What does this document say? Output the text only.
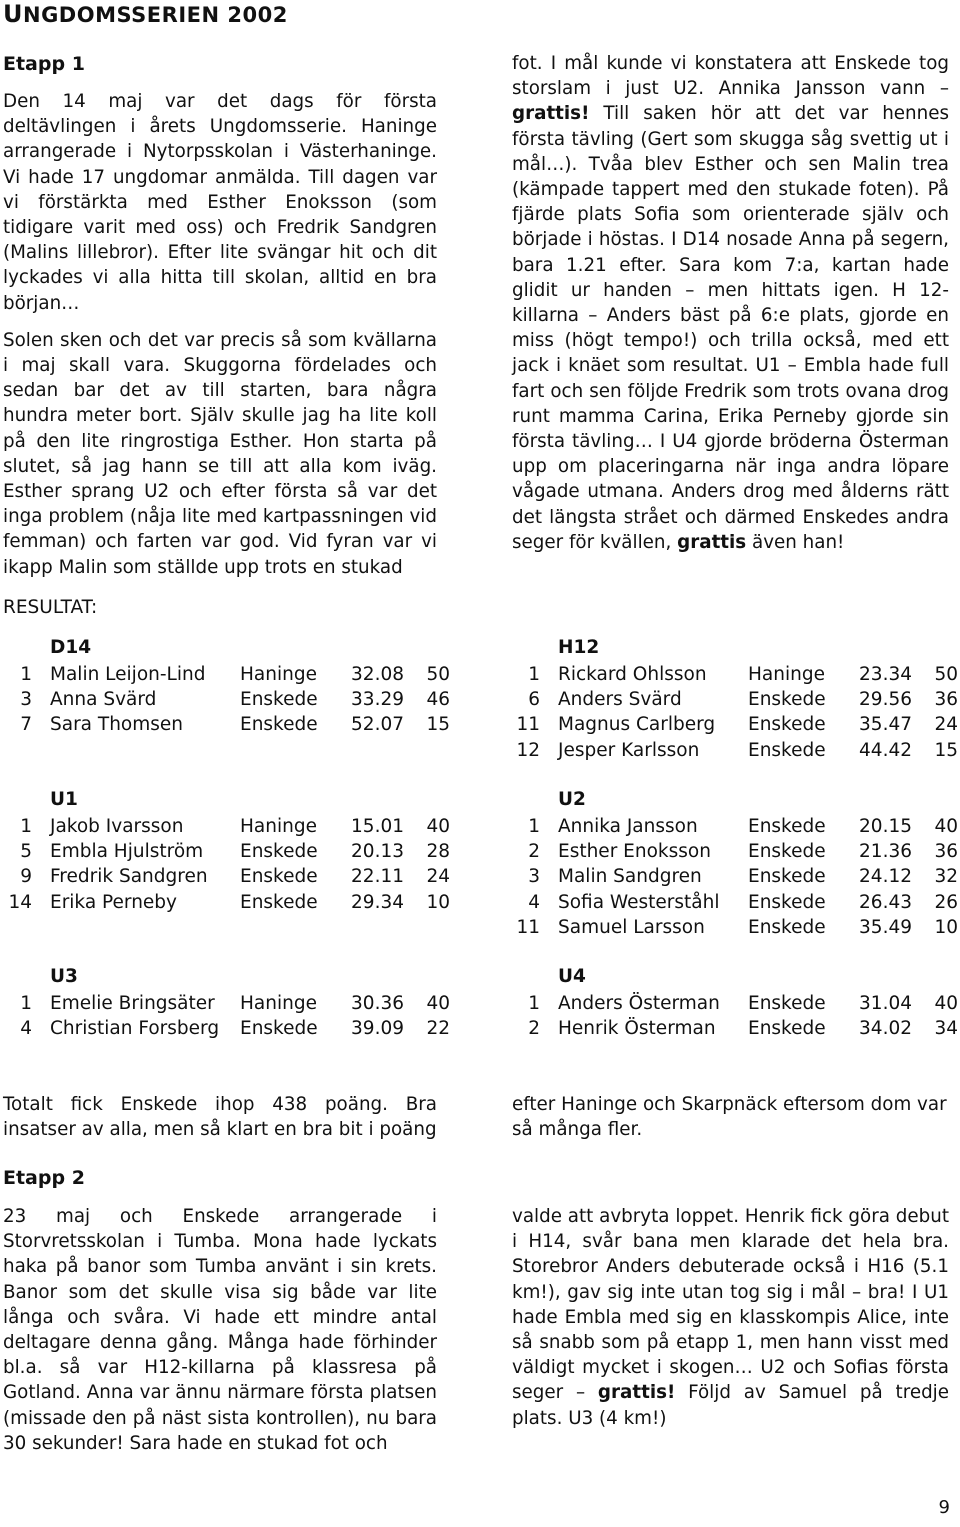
UNGDOMSSERIEN 2002
Etapp 1

Den 14 maj var det dags för första deltävlingen i årets Ungdomsserie. Haninge arrangerade i Nytorpsskolan i Västerhaninge. Vi hade 17 ungdomar anmälda. Till dagen var vi förstärkta med Esther Enoksson (som tidigare varit med oss) och Fredrik Sandgren (Malins lillebror). Efter lite svängar hit och dit lyckades vi alla hitta till skolan, alltid en bra början…

Solen sken och det var precis så som kvällarna i maj skall vara. Skuggorna fördelades och sedan bar det av till starten, bara några hundra meter bort. Själv skulle jag ha lite koll på den lite ringrostiga Esther. Hon starta på slutet, så jag hann se till att alla kom iväg. Esther sprang U2 och efter första så var det inga problem (nåja lite med kartpassningen vid femman) och farten var god. Vid fyran var vi ikapp Malin som ställde upp trots en stukad

fot. I mål kunde vi konstatera att Enskede tog storslam i just U2. Annika Jansson vann – grattis! Till saken hör att det var hennes första tävling (Gert som skugga såg svettig ut i mål…). Tvåa blev Esther och sen Malin trea (kämpade tappert med den stukade foten). På fjärde plats Sofia som orienterade själv och började i höstas. I D14 nosade Anna på segern, bara 1.21 efter. Sara kom 7:a, kartan hade glidit ur handen – men hittats igen. H 12-killarna – Anders bäst på 6:e plats, gjorde en miss (högt tempo!) och trilla också, med ett jack i knäet som resultat. U1 – Embla hade full fart och sen följde Fredrik som trots ovana drog runt mamma Carina, Erika Perneby gjorde sin första tävling… I U4 gjorde bröderna Österman upp om placeringarna när inga andra löpare vågade utmana. Anders drog med ålderns rätt det längsta strået och därmed Enskedes andra seger för kvällen, grattis även han!

RESULTAT:
	D14			
1	Malin Leijon-Lind	Haninge	32.08	50
3	Anna Svärd	Enskede	33.29	46
7	Sara Thomsen	Enskede	52.07	15
	H12			
1	Rickard Ohlsson	Haninge	23.34	50
6	Anders Svärd	Enskede	29.56	36
11	Magnus Carlberg	Enskede	35.47	24
12	Jesper Karlsson	Enskede	44.42	15
	U1			
1	Jakob Ivarsson	Haninge	15.01	40
5	Embla Hjulström	Enskede	20.13	28
9	Fredrik Sandgren	Enskede	22.11	24
14	Erika Perneby	Enskede	29.34	10
	U2			
1	Annika Jansson	Enskede	20.15	40
2	Esther Enoksson	Enskede	21.36	36
3	Malin Sandgren	Enskede	24.12	32
4	Sofia Westerståhl	Enskede	26.43	26
11	Samuel Larsson	Enskede	35.49	10
	U3			
1	Emelie Bringsäter	Haninge	30.36	40
4	Christian Forsberg	Enskede	39.09	22
	U4			
1	Anders Österman	Enskede	31.04	40
2	Henrik Österman	Enskede	34.02	34

Totalt fick Enskede ihop 438 poäng. Bra insatser av alla, men så klart en bra bit i poäng

efter Haninge och Skarpnäck eftersom dom var så många fler.

Etapp 2

23 maj och Enskede arrangerade i Storvretsskolan i Tumba. Mona hade lyckats haka på banor som Tumba använt i sin krets. Banor som det skulle visa sig både var lite långa och svåra. Vi hade ett mindre antal deltagare denna gång. Många hade förhinder bl.a. så var H12-killarna på klassresa på Gotland. Anna var ännu närmare första platsen (missade den på näst sista kontrollen), nu bara 30 sekunder! Sara hade en stukad fot och

valde att avbryta loppet. Henrik fick göra debut i H14, svår bana men klarade det hela bra. Storebror Anders debuterade också i H16 (5.1 km!), gav sig inte utan tog sig i mål – bra! I U1 hade Embla med sig en klasskompis Alice, inte så snabb som på etapp 1, men hann visst med väldigt mycket i skogen… U2 och Sofias första seger – grattis! Följd av Samuel på tredje plats. U3 (4 km!)

9
